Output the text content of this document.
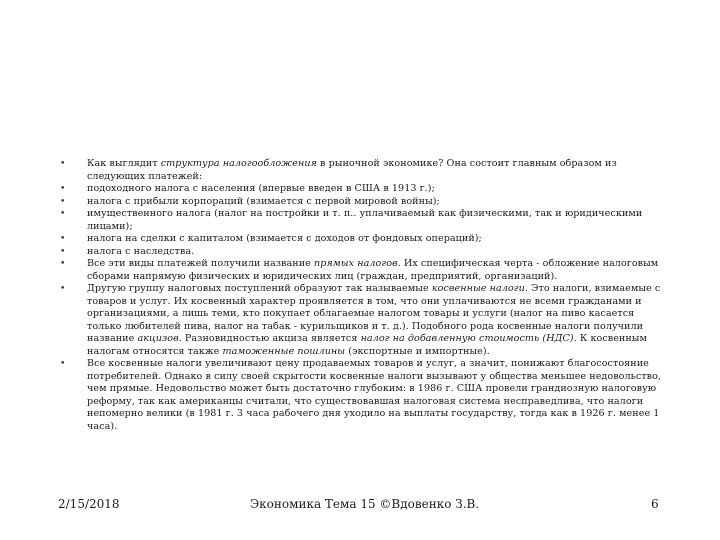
•	Как выглядит структура налогообложения в рыночной экономике? Она состоит главным образом из следующих платежей:
•	подоходного налога с населения (впервые введен в США в 1913 г.);
•	налога с прибыли корпораций (взимается с первой мировой войны);
•	имущественного налога (налог на постройки и т. п.. уплачиваемый как физическими, так и юридическими лицами);
•	налога на сделки с капиталом (взимается с доходов от фондовых операций);
•	налога с наследства.
•	Все эти виды платежей получили название прямых налогов. Их специфическая черта - обложение налоговым сборами напрямую физических и юридических лиц (граждан, предприятий, организаций).
•	Другую группу налоговых поступлений образуют так называемые косвенные налоги. Это налоги, взимаемые с товаров и услуг. Их косвенный характер проявляется в том, что они уплачиваются не всеми гражданами и организациями, а лишь теми, кто покупает облагаемые налогом товары и услуги (налог на пиво касается только любителей пива, налог на табак - курильщиков и т. д.). Подобного рода косвенные налоги получили название акцизов. Разновидностью акциза является налог на добавленную стоимость (НДС). К косвенным налогам относятся также таможенные пошлины (экспортные и импортные).
•	Все косвенные налоги увеличивают цену продаваемых товаров и услуг, а значит, понижают благосостояние потребителей. Однако в силу своей скрытости косвенные налоги вызывают у общества меньшее недовольство, чем прямые. Недовольство может быть достаточно глубоким: в 1986 г. США провели грандиозную налоговую реформу, так как американцы считали, что существовавшая налоговая система несправедлива, что налоги непомерно велики (в 1981 г. 3 часа рабочего дня уходило на выплаты государству, тогда как в 1926 г. менее 1 часа).
2/15/2018	Экономика Тема 15 ©Вдовенко З.В.	6
